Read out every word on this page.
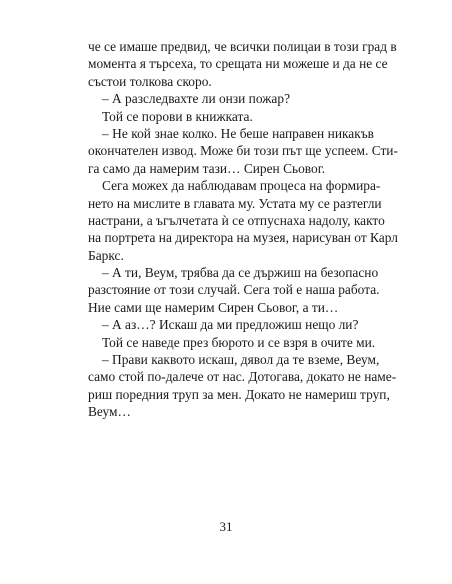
че се имаше предвид, че всички полицаи в този град в
момента я търсеха, то срещата ни можеше и да не се
състои толкова скоро.
– А разследвахте ли онзи пожар?
Той се порови в книжката.
– Не кой знае колко. Не беше направен никакъв
окончателен извод. Може би този път ще успеем. Сти-
га само да намерим тази… Сирен Сьовог.
Сега можех да наблюдавам процеса на формира-
нето на мислите в главата му. Устата му се разтегли
настрани, а ъгълчетата ѝ се отпуснаха надолу, както
на портрета на директора на музея, нарисуван от Карл
Баркс.
– А ти, Веум, трябва да се държиш на безопасно
разстояние от този случай. Сега той е наша работа.
Ние сами ще намерим Сирен Сьовог, а ти…
– А аз…? Искаш да ми предложиш нещо ли?
Той се наведе през бюрото и се взря в очите ми.
– Прави каквото искаш, дявол да те вземе, Веум,
само стой по-далече от нас. Дотогава, докато не наме-
риш поредния труп за мен. Докато не намериш труп,
Веум…
31
